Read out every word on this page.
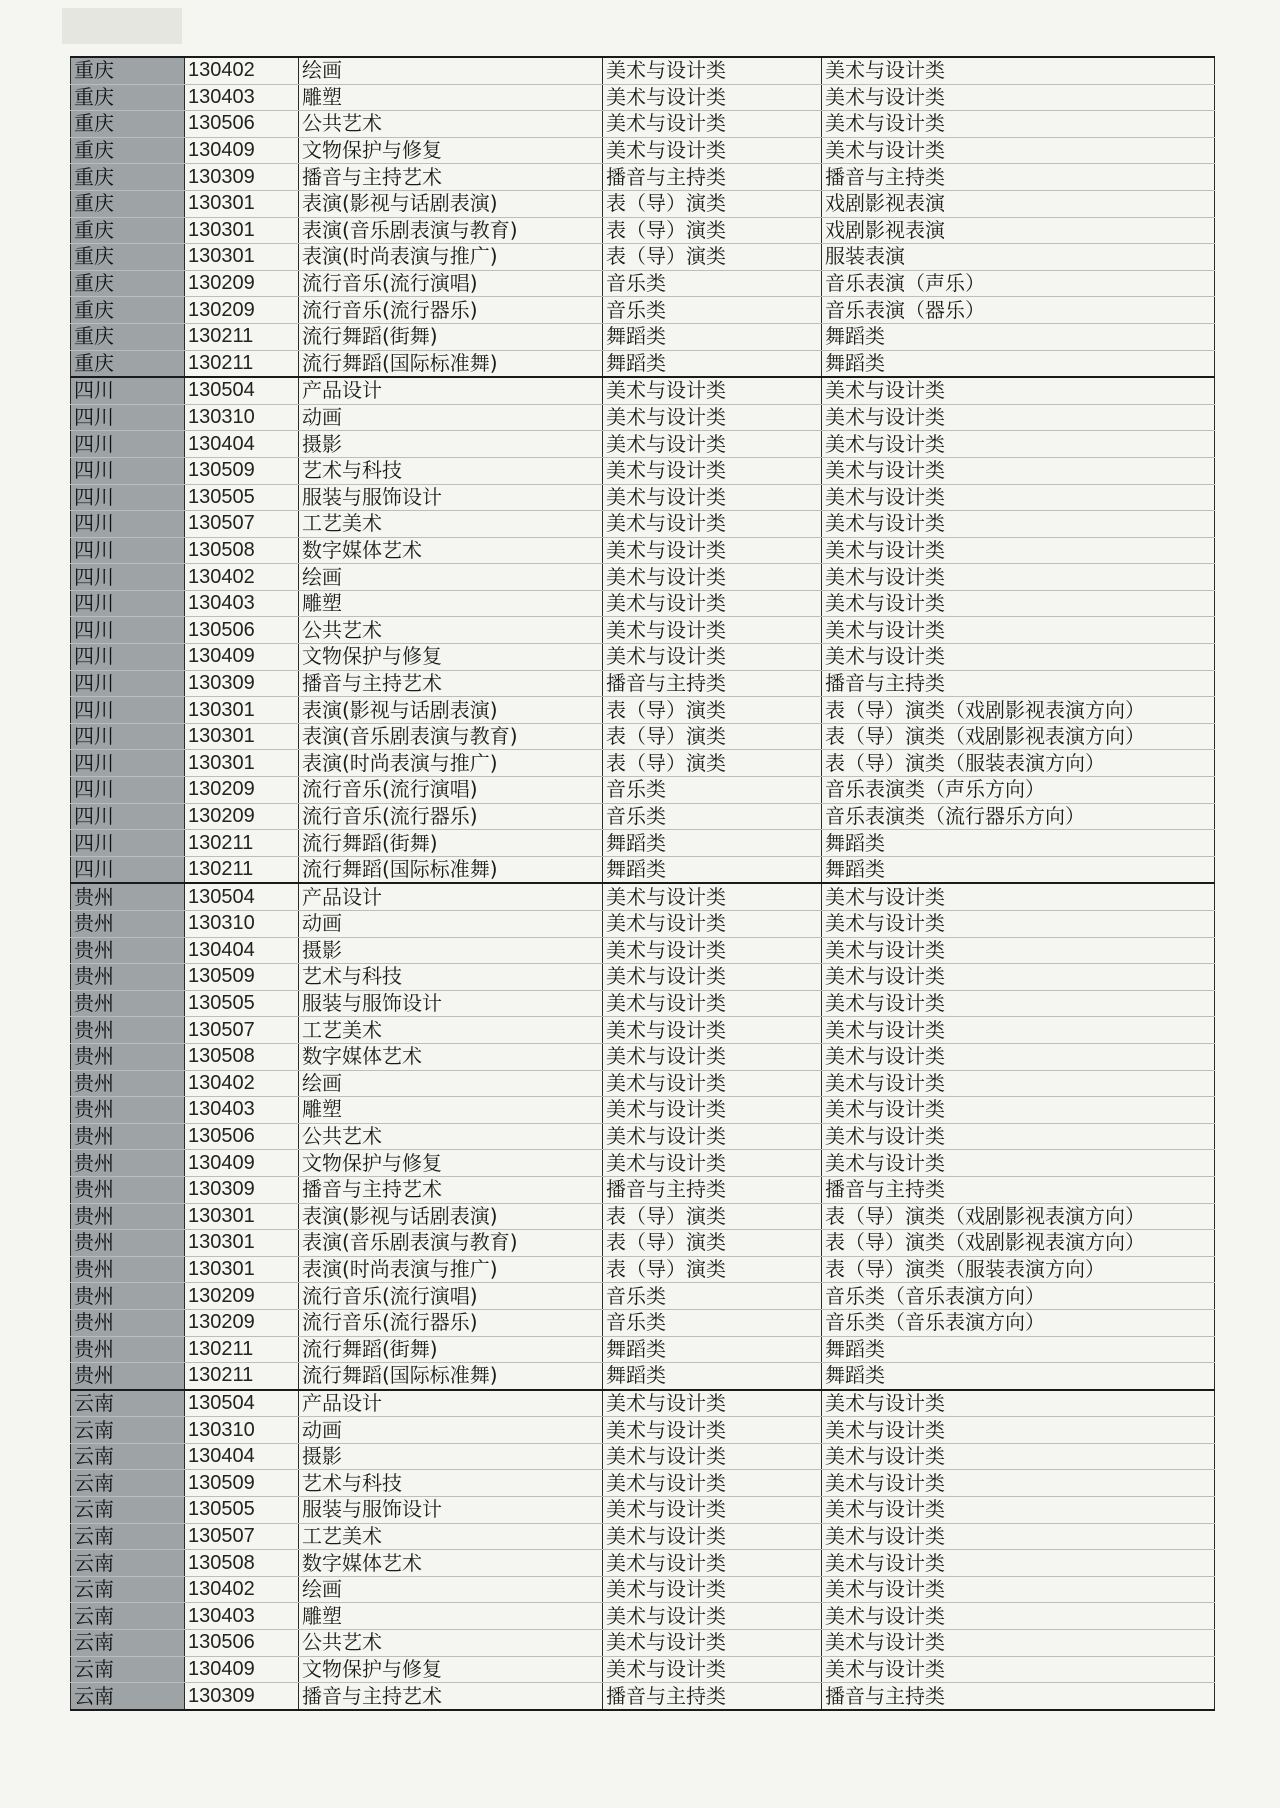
重庆	130402	绘画	美术与设计类	美术与设计类
重庆	130403	雕塑	美术与设计类	美术与设计类
重庆	130506	公共艺术	美术与设计类	美术与设计类
重庆	130409	文物保护与修复	美术与设计类	美术与设计类
重庆	130309	播音与主持艺术	播音与主持类	播音与主持类
重庆	130301	表演(影视与话剧表演)	表（导）演类	戏剧影视表演
重庆	130301	表演(音乐剧表演与教育)	表（导）演类	戏剧影视表演
重庆	130301	表演(时尚表演与推广)	表（导）演类	服装表演
重庆	130209	流行音乐(流行演唱)	音乐类	音乐表演（声乐）
重庆	130209	流行音乐(流行器乐)	音乐类	音乐表演（器乐）
重庆	130211	流行舞蹈(街舞)	舞蹈类	舞蹈类
重庆	130211	流行舞蹈(国际标准舞)	舞蹈类	舞蹈类
四川	130504	产品设计	美术与设计类	美术与设计类
四川	130310	动画	美术与设计类	美术与设计类
四川	130404	摄影	美术与设计类	美术与设计类
四川	130509	艺术与科技	美术与设计类	美术与设计类
四川	130505	服装与服饰设计	美术与设计类	美术与设计类
四川	130507	工艺美术	美术与设计类	美术与设计类
四川	130508	数字媒体艺术	美术与设计类	美术与设计类
四川	130402	绘画	美术与设计类	美术与设计类
四川	130403	雕塑	美术与设计类	美术与设计类
四川	130506	公共艺术	美术与设计类	美术与设计类
四川	130409	文物保护与修复	美术与设计类	美术与设计类
四川	130309	播音与主持艺术	播音与主持类	播音与主持类
四川	130301	表演(影视与话剧表演)	表（导）演类	表（导）演类（戏剧影视表演方向）
四川	130301	表演(音乐剧表演与教育)	表（导）演类	表（导）演类（戏剧影视表演方向）
四川	130301	表演(时尚表演与推广)	表（导）演类	表（导）演类（服装表演方向）
四川	130209	流行音乐(流行演唱)	音乐类	音乐表演类（声乐方向）
四川	130209	流行音乐(流行器乐)	音乐类	音乐表演类（流行器乐方向）
四川	130211	流行舞蹈(街舞)	舞蹈类	舞蹈类
四川	130211	流行舞蹈(国际标准舞)	舞蹈类	舞蹈类
贵州	130504	产品设计	美术与设计类	美术与设计类
贵州	130310	动画	美术与设计类	美术与设计类
贵州	130404	摄影	美术与设计类	美术与设计类
贵州	130509	艺术与科技	美术与设计类	美术与设计类
贵州	130505	服装与服饰设计	美术与设计类	美术与设计类
贵州	130507	工艺美术	美术与设计类	美术与设计类
贵州	130508	数字媒体艺术	美术与设计类	美术与设计类
贵州	130402	绘画	美术与设计类	美术与设计类
贵州	130403	雕塑	美术与设计类	美术与设计类
贵州	130506	公共艺术	美术与设计类	美术与设计类
贵州	130409	文物保护与修复	美术与设计类	美术与设计类
贵州	130309	播音与主持艺术	播音与主持类	播音与主持类
贵州	130301	表演(影视与话剧表演)	表（导）演类	表（导）演类（戏剧影视表演方向）
贵州	130301	表演(音乐剧表演与教育)	表（导）演类	表（导）演类（戏剧影视表演方向）
贵州	130301	表演(时尚表演与推广)	表（导）演类	表（导）演类（服装表演方向）
贵州	130209	流行音乐(流行演唱)	音乐类	音乐类（音乐表演方向）
贵州	130209	流行音乐(流行器乐)	音乐类	音乐类（音乐表演方向）
贵州	130211	流行舞蹈(街舞)	舞蹈类	舞蹈类
贵州	130211	流行舞蹈(国际标准舞)	舞蹈类	舞蹈类
云南	130504	产品设计	美术与设计类	美术与设计类
云南	130310	动画	美术与设计类	美术与设计类
云南	130404	摄影	美术与设计类	美术与设计类
云南	130509	艺术与科技	美术与设计类	美术与设计类
云南	130505	服装与服饰设计	美术与设计类	美术与设计类
云南	130507	工艺美术	美术与设计类	美术与设计类
云南	130508	数字媒体艺术	美术与设计类	美术与设计类
云南	130402	绘画	美术与设计类	美术与设计类
云南	130403	雕塑	美术与设计类	美术与设计类
云南	130506	公共艺术	美术与设计类	美术与设计类
云南	130409	文物保护与修复	美术与设计类	美术与设计类
云南	130309	播音与主持艺术	播音与主持类	播音与主持类
